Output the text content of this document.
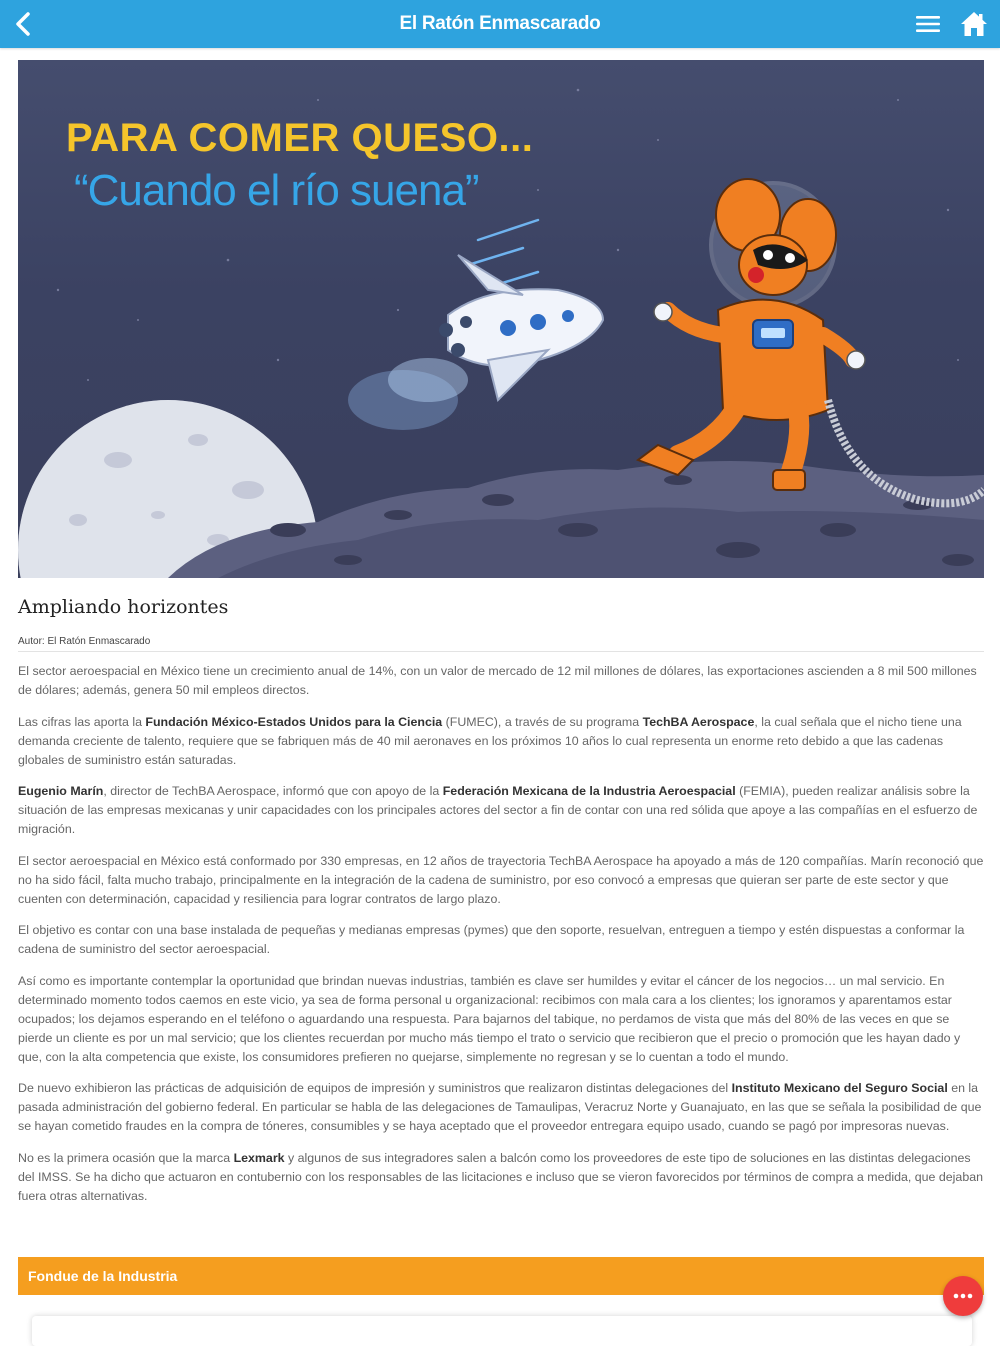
El Ratón Enmascarado
PARA COMER QUESO...
“Cuando el río suena”
Ampliando horizontes
Autor: El Ratón Enmascarado

El sector aeroespacial en México tiene un crecimiento anual de 14%, con un valor de mercado de 12 mil millones de dólares, las exportaciones ascienden a 8 mil 500 millones de dólares; además, genera 50 mil empleos directos.

Las cifras las aporta la Fundación México-Estados Unidos para la Ciencia (FUMEC), a través de su programa TechBA Aerospace, la cual señala que el nicho tiene una demanda creciente de talento, requiere que se fabriquen más de 40 mil aeronaves en los próximos 10 años lo cual representa un enorme reto debido a que las cadenas globales de suministro están saturadas.

Eugenio Marín, director de TechBA Aerospace, informó que con apoyo de la Federación Mexicana de la Industria Aeroespacial (FEMIA), pueden realizar análisis sobre la situación de las empresas mexicanas y unir capacidades con los principales actores del sector a fin de contar con una red sólida que apoye a las compañías en el esfuerzo de migración.

El sector aeroespacial en México está conformado por 330 empresas, en 12 años de trayectoria TechBA Aerospace ha apoyado a más de 120 compañías. Marín reconoció que no ha sido fácil, falta mucho trabajo, principalmente en la integración de la cadena de suministro, por eso convocó a empresas que quieran ser parte de este sector y que cuenten con determinación, capacidad y resiliencia para lograr contratos de largo plazo.

El objetivo es contar con una base instalada de pequeñas y medianas empresas (pymes) que den soporte, resuelvan, entreguen a tiempo y estén dispuestas a conformar la cadena de suministro del sector aeroespacial.

Así como es importante contemplar la oportunidad que brindan nuevas industrias, también es clave ser humildes y evitar el cáncer de los negocios… un mal servicio. En determinado momento todos caemos en este vicio, ya sea de forma personal u organizacional: recibimos con mala cara a los clientes; los ignoramos y aparentamos estar ocupados; los dejamos esperando en el teléfono o aguardando una respuesta. Para bajarnos del tabique, no perdamos de vista que más del 80% de las veces en que se pierde un cliente es por un mal servicio; que los clientes recuerdan por mucho más tiempo el trato o servicio que recibieron que el precio o promoción que les hayan dado y que, con la alta competencia que existe, los consumidores prefieren no quejarse, simplemente no regresan y se lo cuentan a todo el mundo.

De nuevo exhibieron las prácticas de adquisición de equipos de impresión y suministros que realizaron distintas delegaciones del Instituto Mexicano del Seguro Social en la pasada administración del gobierno federal. En particular se habla de las delegaciones de Tamaulipas, Veracruz Norte y Guanajuato, en las que se señala la posibilidad de que se hayan cometido fraudes en la compra de tóneres, consumibles y se haya aceptado que el proveedor entregara equipo usado, cuando se pagó por impresoras nuevas.

No es la primera ocasión que la marca Lexmark y algunos de sus integradores salen a balcón como los proveedores de este tipo de soluciones en las distintas delegaciones del IMSS. Se ha dicho que actuaron en contubernio con los responsables de las licitaciones e incluso que se vieron favorecidos por términos de compra a medida, que dejaban fuera otras alternativas.

Fondue de la Industria
